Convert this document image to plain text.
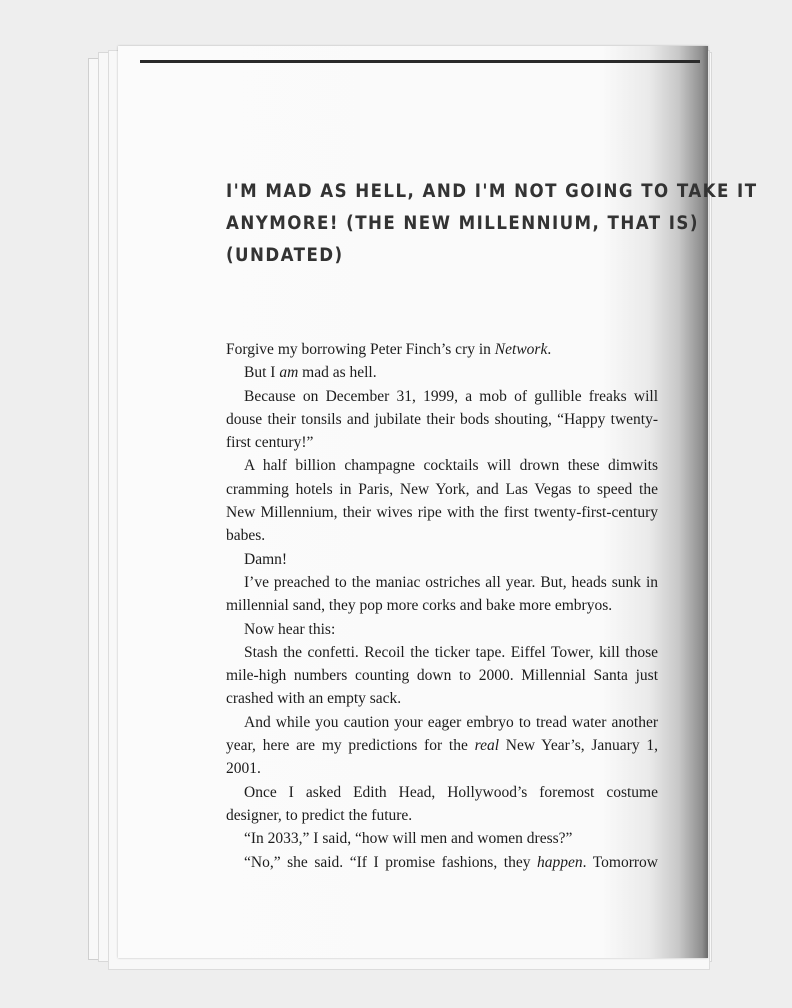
I'M MAD AS HELL, AND I'M NOT GOING TO TAKE IT
ANYMORE! (THE NEW MILLENNIUM, THAT IS)
(UNDATED)

Forgive my borrowing Peter Finch’s cry in Network.

But I am mad as hell.

Because on December 31, 1999, a mob of gullible freaks will douse their tonsils and jubilate their bods shouting, “Happy twenty-first century!”

A half billion champagne cocktails will drown these dimwits cramming hotels in Paris, New York, and Las Vegas to speed the New Millennium, their wives ripe with the first twenty-first-century babes.

Damn!

I’ve preached to the maniac ostriches all year. But, heads sunk in millennial sand, they pop more corks and bake more embryos.

Now hear this:

Stash the confetti. Recoil the ticker tape. Eiffel Tower, kill those mile-high numbers counting down to 2000. Millennial Santa just crashed with an empty sack.

And while you caution your eager embryo to tread water another year, here are my predictions for the real New Year’s, January 1, 2001.

Once I asked Edith Head, Hollywood’s foremost costume designer, to predict the future.

“In 2033,” I said, “how will men and women dress?”

“No,” she said. “If I promise fashions, they happen. Tomorrow
